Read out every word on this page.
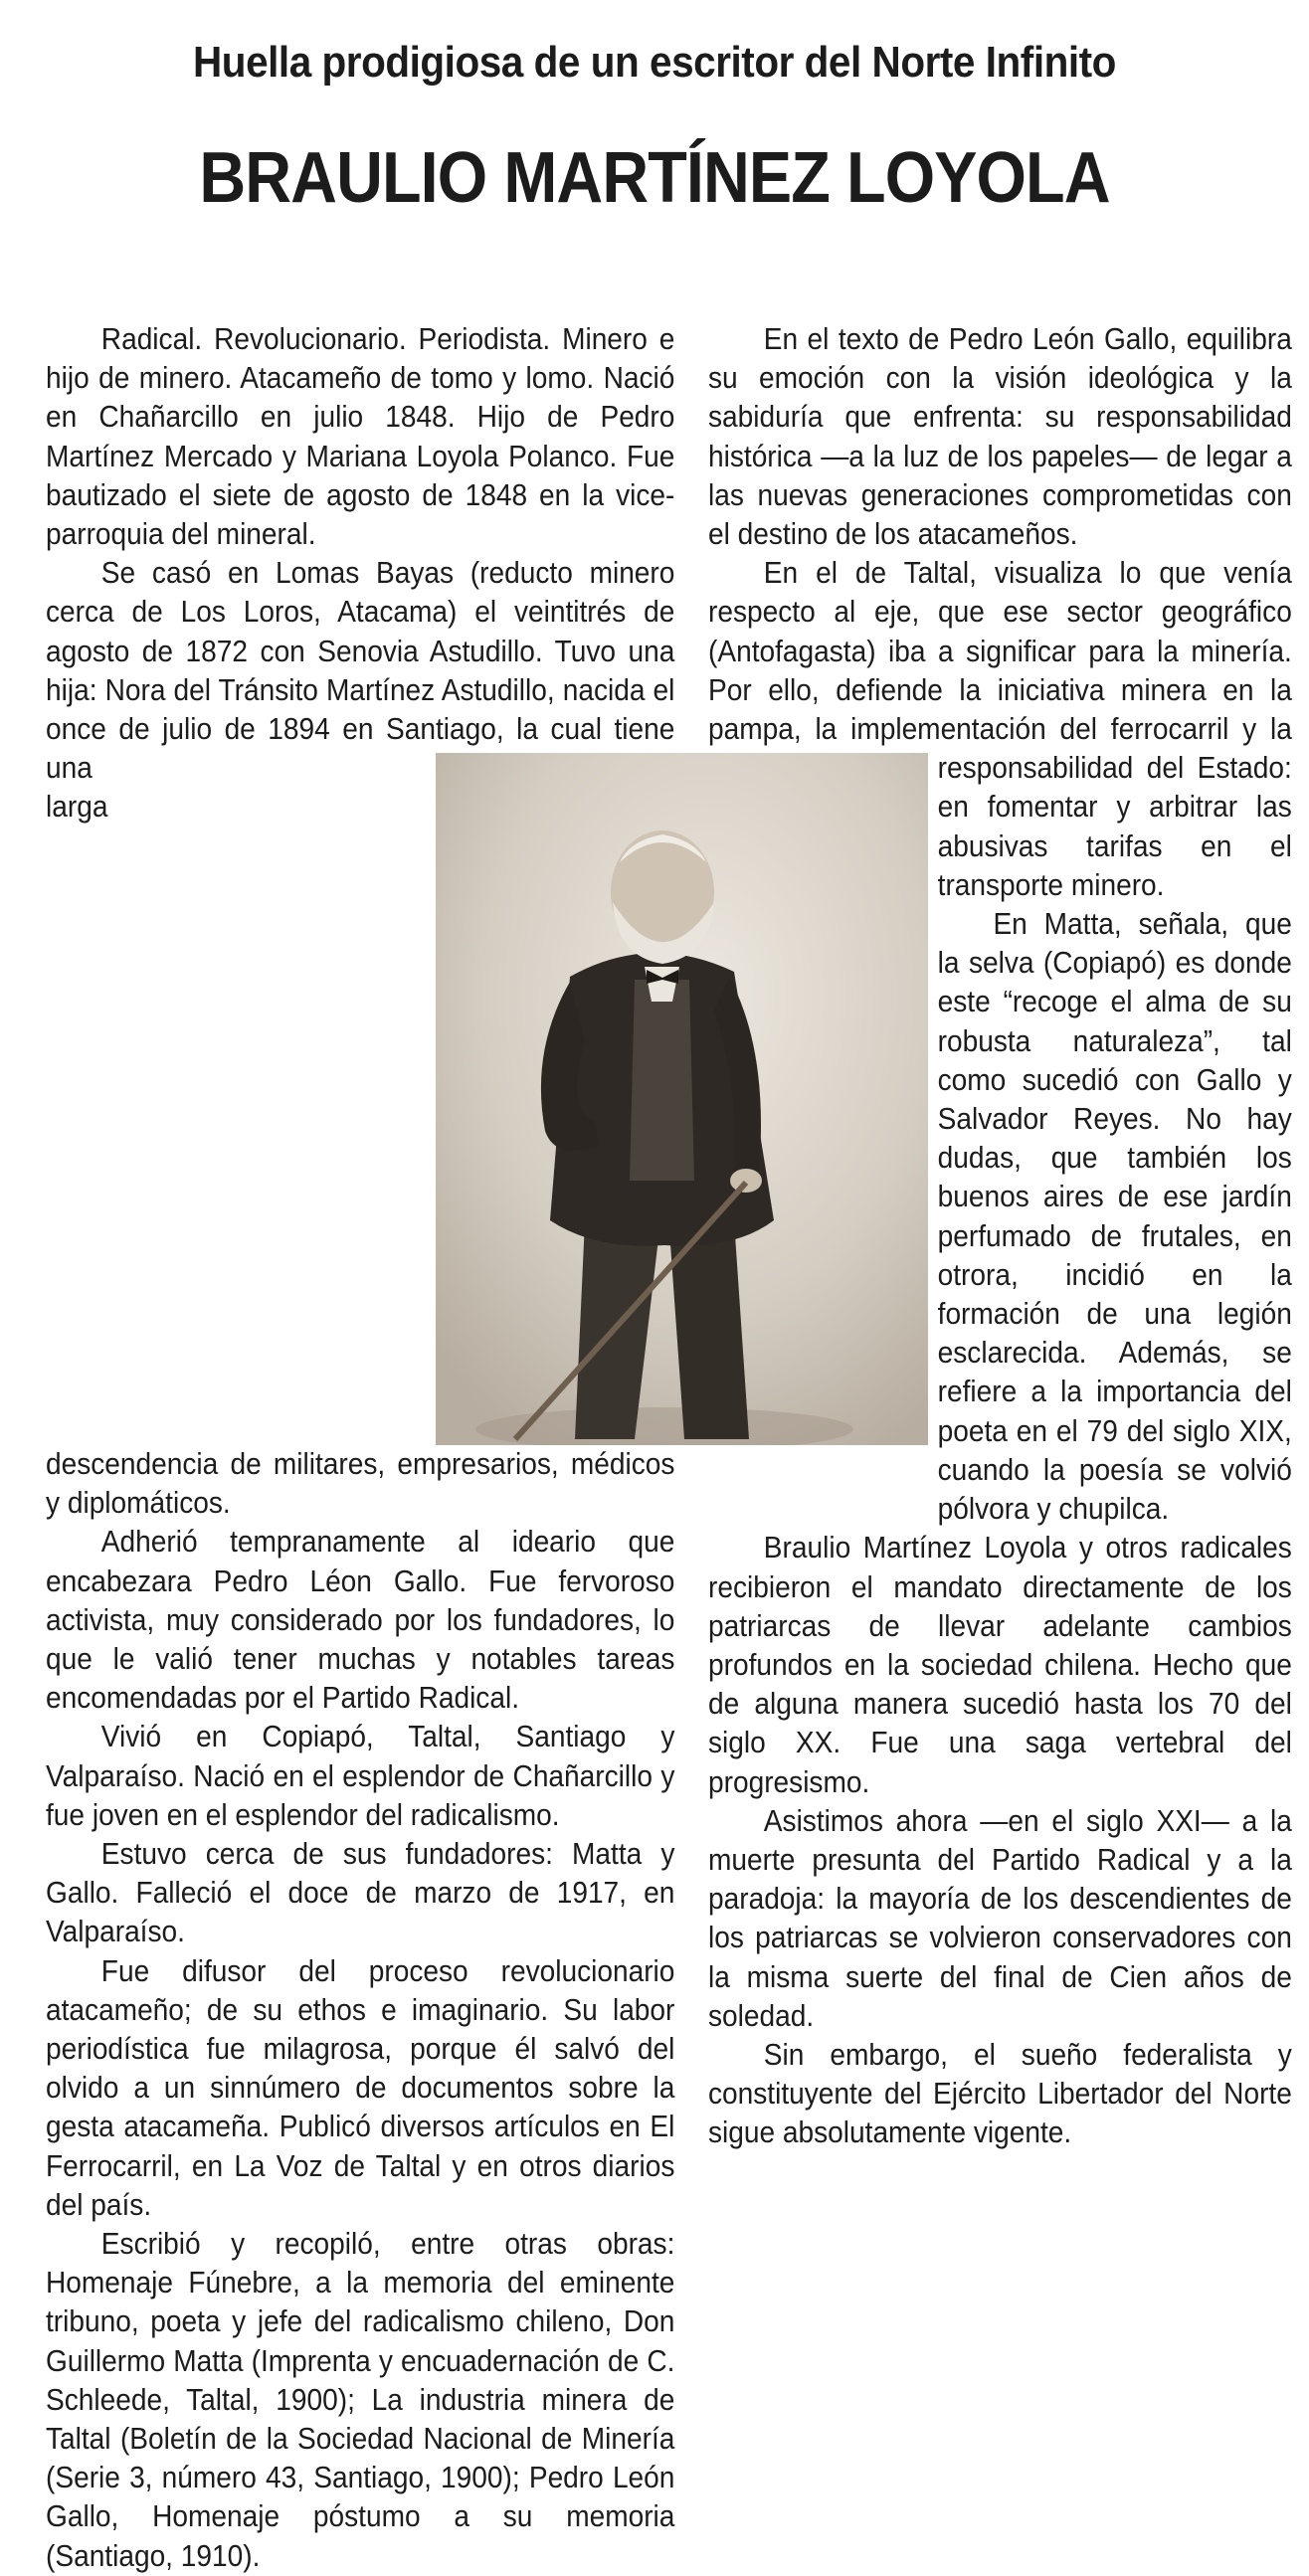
Huella prodigiosa de un escritor del Norte Infinito
BRAULIO MARTÍNEZ LOYOLA

Radical. Revolucionario. Periodista. Minero e hijo de minero. Atacameño de tomo y lomo. Nació en Chañarcillo en julio 1848. Hijo de Pedro Martínez Mercado y Mariana Loyola Polanco. Fue bautizado el siete de agosto de 1848 en la vice-parroquia del mineral.

Se casó en Lomas Bayas (reducto minero cerca de Los Loros, Atacama) el veintitrés de agosto de 1872 con Senovia Astudillo. Tuvo una hija: Nora del Tránsito Martínez Astudillo, nacida el once de julio de 1894 en Santiago, la cual tiene una larga descendencia de militares, empresarios, médicos y diplomáticos.

Adherió tempranamente al ideario que encabezara Pedro Léon Gallo. Fue fervoroso activista, muy considerado por los fundadores, lo que le valió tener muchas y notables tareas encomendadas por el Partido Radical.

Vivió en Copiapó, Taltal, Santiago y Valparaíso. Nació en el esplendor de Chañarcillo y fue joven en el esplendor del radicalismo.

Estuvo cerca de sus fundadores: Matta y Gallo. Falleció el doce de marzo de 1917, en Valparaíso.

Fue difusor del proceso revolucionario atacameño; de su ethos e imaginario. Su labor periodística fue milagrosa, porque él salvó del olvido a un sinnúmero de documentos sobre la gesta atacameña. Publicó diversos artículos en El Ferrocarril, en La Voz de Taltal y en otros diarios del país.

Escribió y recopiló, entre otras obras: Homenaje Fúnebre, a la memoria del eminente tribuno, poeta y jefe del radicalismo chileno, Don Guillermo Matta (Imprenta y encuadernación de C. Schleede, Taltal, 1900); La industria minera de Taltal (Boletín de la Sociedad Nacional de Minería (Serie 3, número 43, Santiago, 1900); Pedro León Gallo, Homenaje póstumo a su memoria (Santiago, 1910).

En el texto de Pedro León Gallo, equilibra su emoción con la visión ideológica y la sabiduría que enfrenta: su responsabilidad histórica —a la luz de los papeles— de legar a las nuevas generaciones comprometidas con el destino de los atacameños.

En el de Taltal, visualiza lo que venía respecto al eje, que ese sector geográfico (Antofagasta) iba a significar para la minería. Por ello, defiende la iniciativa minera en la pampa, la implementación del ferrocarril y la responsabilidad del Estado: en fomentar y arbitrar las abusivas tarifas en el transporte minero.

En Matta, señala, que la selva (Copiapó) es donde este “recoge el alma de su robusta naturaleza”, tal como sucedió con Gallo y Salvador Reyes. No hay dudas, que también los buenos aires de ese jardín perfumado de frutales, en otrora, incidió en la formación de una legión esclarecida. Además, se refiere a la importancia del poeta en el 79 del siglo XIX, cuando la poesía se volvió pólvora y chupilca.

Braulio Martínez Loyola y otros radicales recibieron el mandato directamente de los patriarcas de llevar adelante cambios profundos en la sociedad chilena. Hecho que de alguna manera sucedió hasta los 70 del siglo XX. Fue una saga vertebral del progresismo.

Asistimos ahora —en el siglo XXI— a la muerte presunta del Partido Radical y a la paradoja: la mayoría de los descendientes de los patriarcas se volvieron conservadores con la misma suerte del final de Cien años de soledad.

Sin embargo, el sueño federalista y constituyente del Ejército Libertador del Norte sigue absolutamente vigente.
